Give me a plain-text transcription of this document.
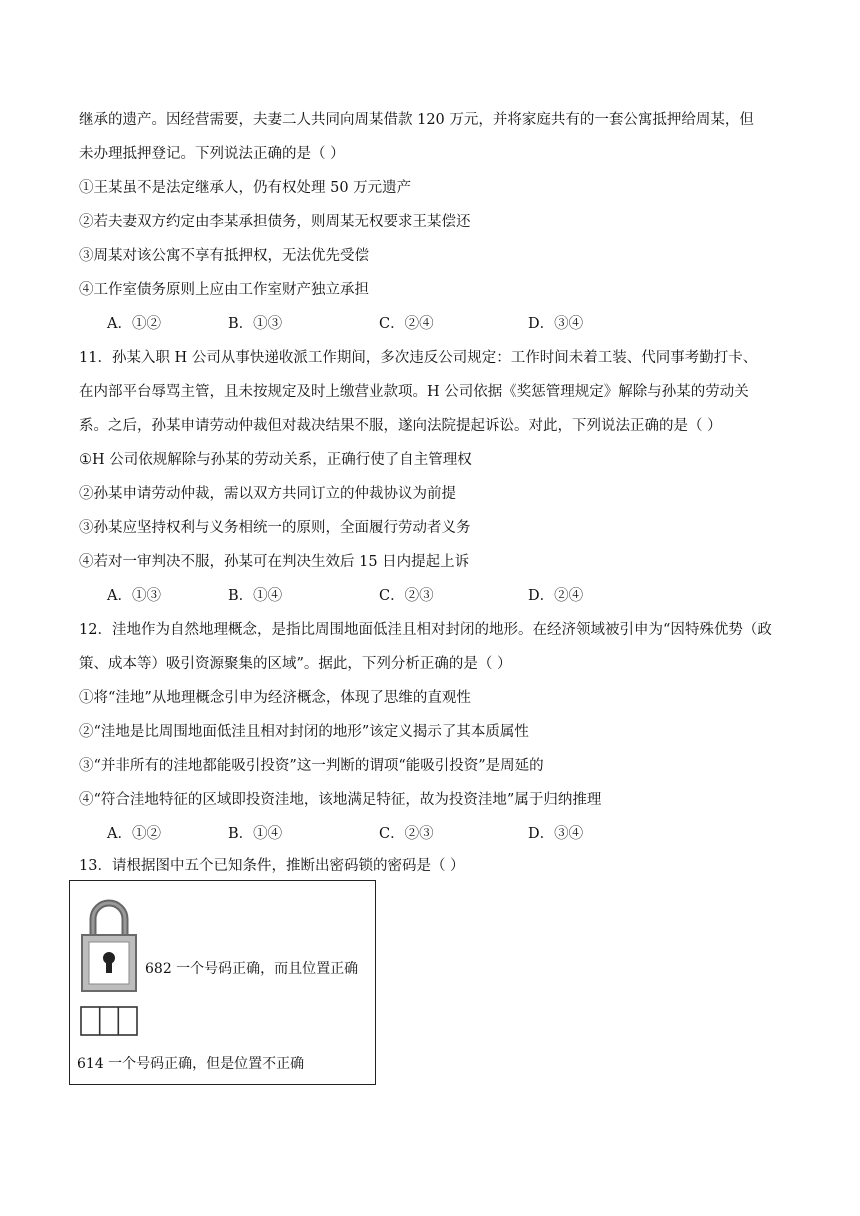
继承的遗产。因经营需要，夫妻二人共同向周某借款 120 万元，并将家庭共有的一套公寓抵押给周某，但
未办理抵押登记。下列说法正确的是（ ）
①王某虽不是法定继承人，仍有权处理 50 万元遗产
②若夫妻双方约定由李某承担债务，则周某无权要求王某偿还
③周某对该公寓不享有抵押权，无法优先受偿
④工作室债务原则上应由工作室财产独立承担
A．①②	B．①③	C．②④	D．③④
11．孙某入职 H 公司从事快递收派工作期间，多次违反公司规定：工作时间未着工装、代同事考勤打卡、
在内部平台辱骂主管，且未按规定及时上缴营业款项。H 公司依据《奖惩管理规定》解除与孙某的劳动关
系。之后，孙某申请劳动仲裁但对裁决结果不服，遂向法院提起诉讼。对此，下列说法正确的是（ ）
①H 公司依规解除与孙某的劳动关系，正确行使了自主管理权
②孙某申请劳动仲裁，需以双方共同订立的仲裁协议为前提
③孙某应坚持权利与义务相统一的原则，全面履行劳动者义务
④若对一审判决不服，孙某可在判决生效后 15 日内提起上诉
A．①③	B．①④	C．②③	D．②④
12．洼地作为自然地理概念，是指比周围地面低洼且相对封闭的地形。在经济领域被引申为“因特殊优势（政
策、成本等）吸引资源聚集的区域”。据此，下列分析正确的是（ ）
①将“洼地”从地理概念引申为经济概念，体现了思维的直观性
②“洼地是比周围地面低洼且相对封闭的地形”该定义揭示了其本质属性
③“并非所有的洼地都能吸引投资”这一判断的谓项“能吸引投资”是周延的
④“符合洼地特征的区域即投资洼地，该地满足特征，故为投资洼地”属于归纳推理
A．①②	B．①④	C．②③	D．③④
13．请根据图中五个已知条件，推断出密码锁的密码是（ ）
682 一个号码正确，而且位置正确
614 一个号码正确，但是位置不正确
